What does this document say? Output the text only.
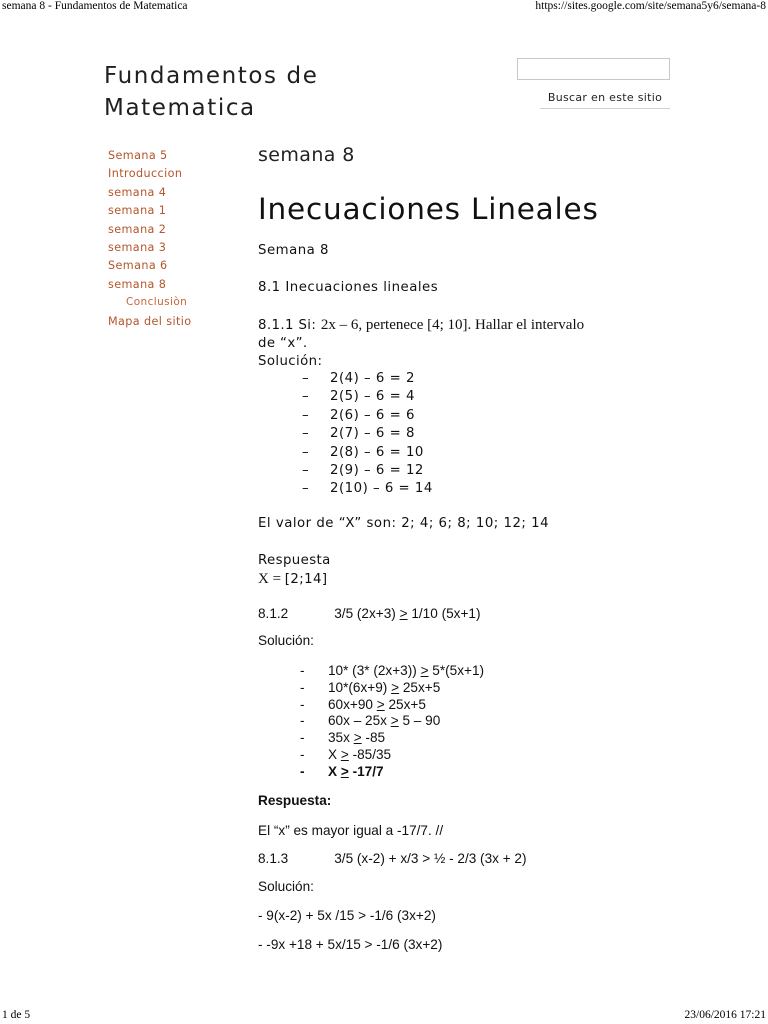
semana 8 - Fundamentos de Matematica	https://sites.google.com/site/semana5y6/semana-8
Fundamentos de
Matematica	Buscar en este sitio
Semana 5
Introduccion
semana 4
semana 1
semana 2
semana 3
Semana 6
semana 8
Conclusiòn
Mapa del sitio
semana 8
Inecuaciones Lineales
Semana 8
8.1 Inecuaciones lineales
8.1.1 Si: 2x – 6, pertenece [4; 10]. Hallar el intervalo
de “x”.
Solución:
– 2(4) – 6 = 2
– 2(5) – 6 = 4
– 2(6) – 6 = 6
– 2(7) – 6 = 8
– 2(8) – 6 = 10
– 2(9) – 6 = 12
– 2(10) – 6 = 14
El valor de “X” son: 2; 4; 6; 8; 10; 12; 14
Respuesta
X = [2;14]
8.1.2	3/5 (2x+3) > 1/10 (5x+1)
Solución:
- 10* (3* (2x+3)) > 5*(5x+1)
- 10*(6x+9) > 25x+5
- 60x+90 > 25x+5
- 60x – 25x > 5 – 90
- 35x > -85
- X > -85/35
- X > -17/7
Respuesta:
El “x” es mayor igual a -17/7. //
8.1.3	3/5 (x-2) + x/3 > ½ - 2/3 (3x + 2)
Solución:
- 9(x-2) + 5x /15 > -1/6 (3x+2)
- -9x +18 + 5x/15 > -1/6 (3x+2)
1 de 5	23/06/2016 17:21
